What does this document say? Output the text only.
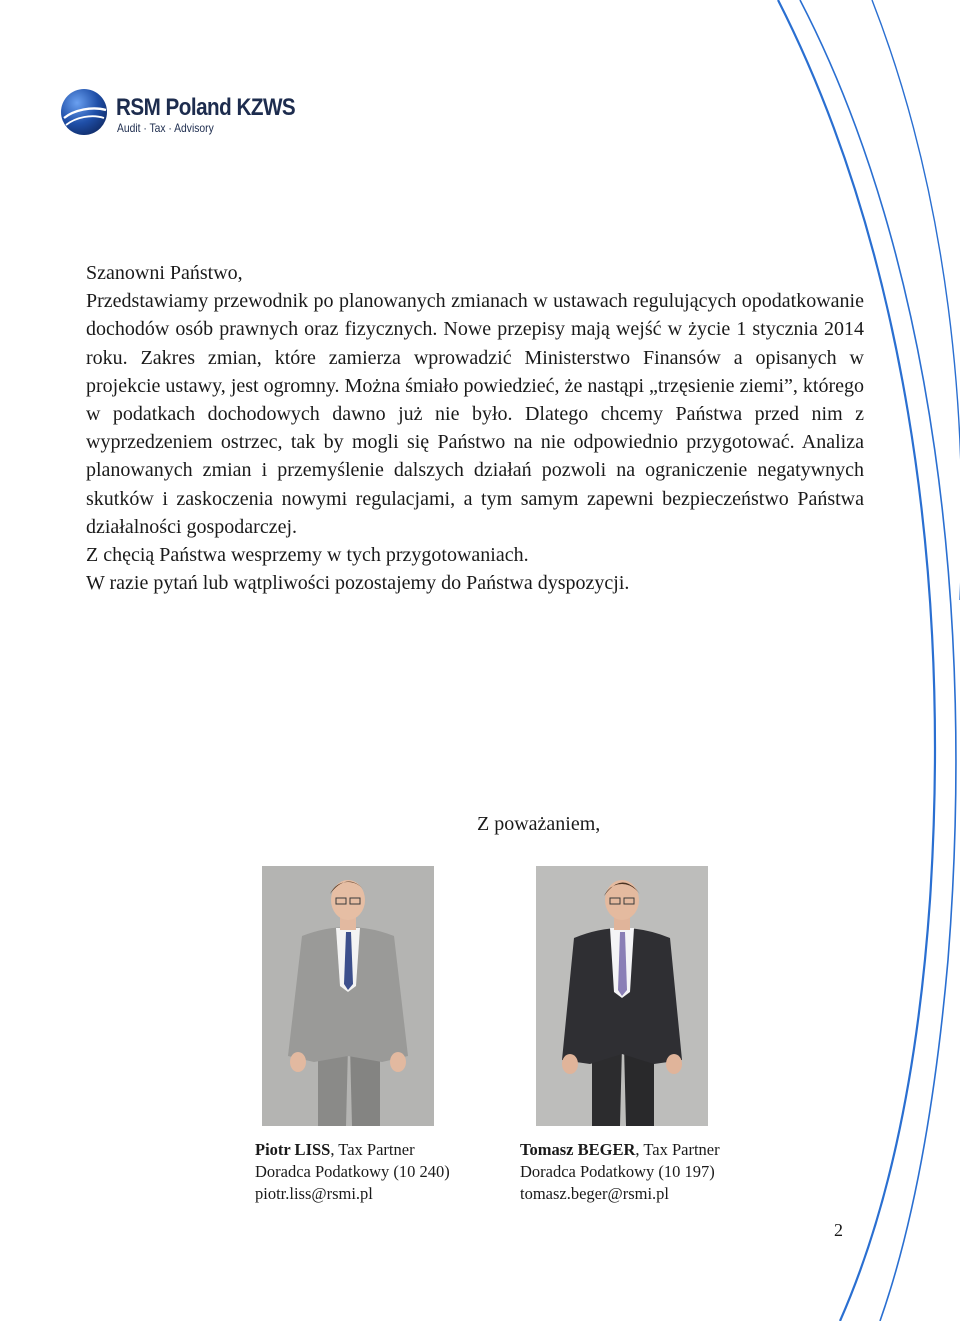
RSM Poland KZWS
Audit · Tax · Advisory

Szanowni Państwo,

Przedstawiamy przewodnik po planowanych zmianach w ustawach regulujących opodatkowanie dochodów osób prawnych oraz fizycznych. Nowe przepisy mają wejść w życie 1 stycznia 2014 roku. Zakres zmian, które zamierza wprowadzić Ministerstwo Finansów a opisanych w projekcie ustawy, jest ogromny. Można śmiało powiedzieć, że nastąpi „trzęsienie ziemi”, którego w podatkach dochodowych dawno już nie było. Dlatego chcemy Państwa przed nim z wyprzedzeniem ostrzec, tak by mogli się Państwo na nie odpowiednio przygotować. Analiza planowanych zmian i przemyślenie dalszych działań pozwoli na ograniczenie negatywnych skutków i zaskoczenia nowymi regulacjami, a tym samym zapewni bezpieczeństwo Państwa działalności gospodarczej.

Z chęcią Państwa wesprzemy w tych przygotowaniach.

W razie pytań lub wątpliwości pozostajemy do Państwa dyspozycji.

Z poważaniem,
Piotr LISS, Tax Partner
Doradca Podatkowy (10 240)
piotr.liss@rsmi.pl
Tomasz BEGER, Tax Partner
Doradca Podatkowy (10 197)
tomasz.beger@rsmi.pl
2
